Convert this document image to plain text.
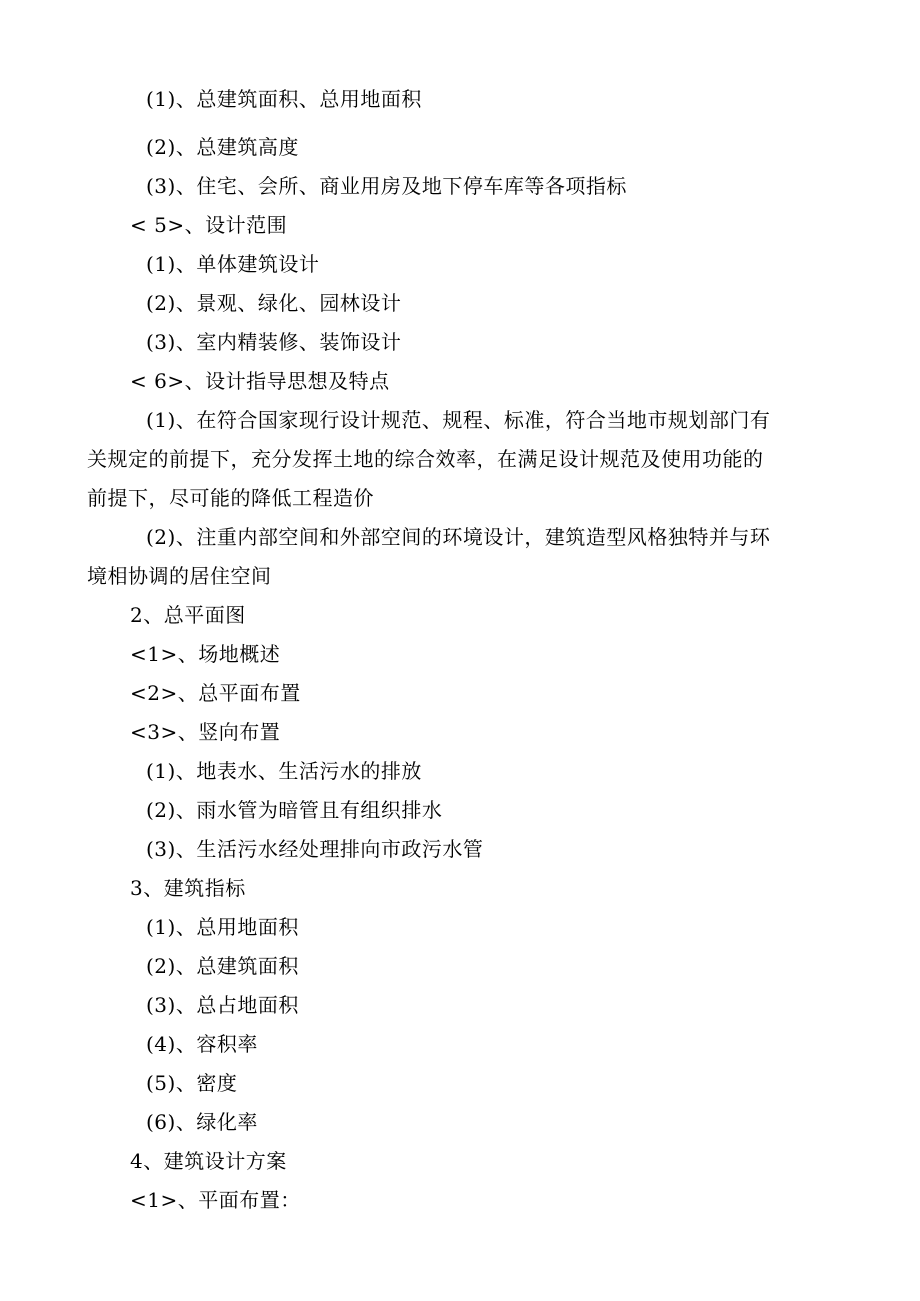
(1)、总建筑面积、总用地面积
(2)、总建筑高度
(3)、住宅、会所、商业用房及地下停车库等各项指标
< 5>、设计范围
(1)、单体建筑设计
(2)、景观、绿化、园林设计
(3)、室内精装修、装饰设计
< 6>、设计指导思想及特点
(1)、在符合国家现行设计规范、规程、标准，符合当地市规划部门有
关规定的前提下，充分发挥土地的综合效率，在满足设计规范及使用功能的
前提下，尽可能的降低工程造价
(2)、注重内部空间和外部空间的环境设计，建筑造型风格独特并与环
境相协调的居住空间
2、总平面图
<1>、场地概述
<2>、总平面布置
<3>、竖向布置
(1)、地表水、生活污水的排放
(2)、雨水管为暗管且有组织排水
(3)、生活污水经处理排向市政污水管
3、建筑指标
(1)、总用地面积
(2)、总建筑面积
(3)、总占地面积
(4)、容积率
(5)、密度
(6)、绿化率
4、建筑设计方案
<1>、平面布置：
